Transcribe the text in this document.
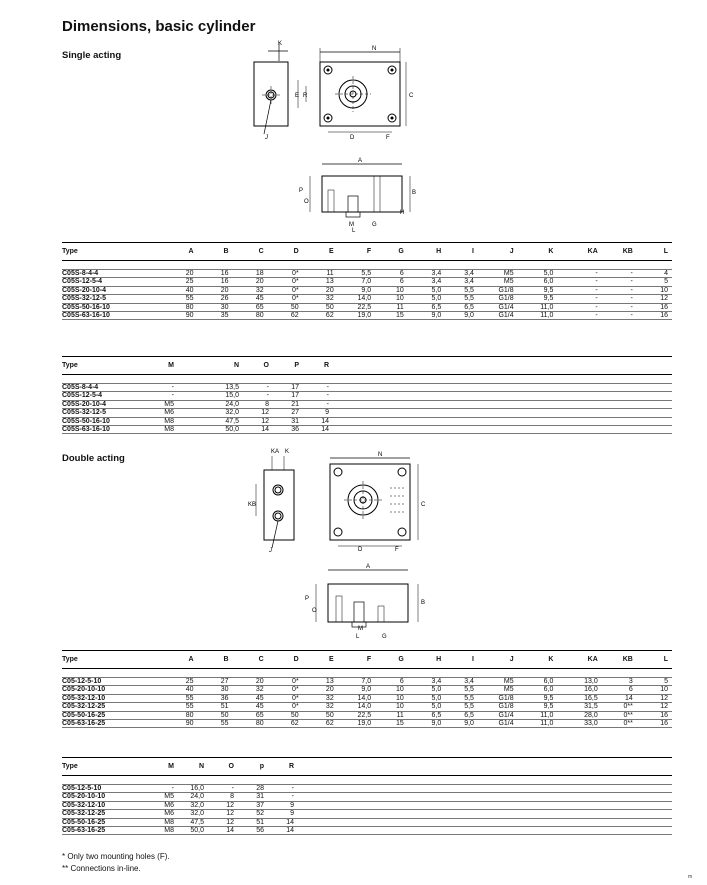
Dimensions, basic cylinder
Single acting
K
J
N
E R	C
D	F
A
P
O
B
H
M
L
G
Type	A	B	C	D	E	F	G	H	I	J	K	KA	KB	L

C05S-8-4-4	20	16	18	0*	11	5,5	6	3,4	3,4	M5	5,0	-	-	4
C05S-12-5-4	25	16	20	0*	13	7,0	6	3,4	3,4	M5	6,0	-	-	5
C05S-20-10-4	40	20	32	0*	20	9,0	10	5,0	5,5	G1/8	9,5	-	-	10
C05S-32-12-5	55	26	45	0*	32	14,0	10	5,0	5,5	G1/8	9,5	-	-	12
C05S-50-16-10	80	30	65	50	50	22,5	11	6,5	6,5	G1/4	11,0	-	-	16
C05S-63-16-10	90	35	80	62	62	19,0	15	9,0	9,0	G1/4	11,0	-	-	16
Type	M	N	O	P	R	

C05S-8-4-4	-	13,5	-	17	-	
C05S-12-5-4	-	15,0	-	17	-	
C05S-20-10-4	M5	24,0	8	21	-	
C05S-32-12-5	M6	32,0	12	27	9	
C05S-50-16-10	M8	47,5	12	31	14	
C05S-63-16-10	M8	50,0	14	36	14	
Double acting
KA K
KB
J
N
C
D	F
A
P
O
B
M
L	G
Type	A	B	C	D	E	F	G	H	I	J	K	KA	KB	L

C05-12-5-10	25	27	20	0*	13	7,0	6	3,4	3,4	M5	6,0	13,0	3	5
C05-20-10-10	40	30	32	0*	20	9,0	10	5,0	5,5	M5	6,0	16,0	6	10
C05-32-12-10	55	36	45	0*	32	14,0	10	5,0	5,5	G1/8	9,5	16,5	14	12
C05-32-12-25	55	51	45	0*	32	14,0	10	5,0	5,5	G1/8	9,5	31,5	0**	12
C05-50-16-25	80	50	65	50	50	22,5	11	6,5	6,5	G1/4	11,0	28,0	0**	16
C05-63-16-25	90	55	80	62	62	19,0	15	9,0	9,0	G1/4	11,0	33,0	0**	16
Type	M	N	O	p	R	

C05-12-5-10	-	16,0	-	28	-	
C05-20-10-10	M5	24,0	8	31	-	
C05-32-12-10	M6	32,0	12	37	9	
C05-32-12-25	M6	32,0	12	52	9	
C05-50-16-25	M8	47,5	12	51	14	
C05-63-16-25	M8	50,0	14	56	14	
* Only two mounting holes (F).
** Connections in-line.
m
